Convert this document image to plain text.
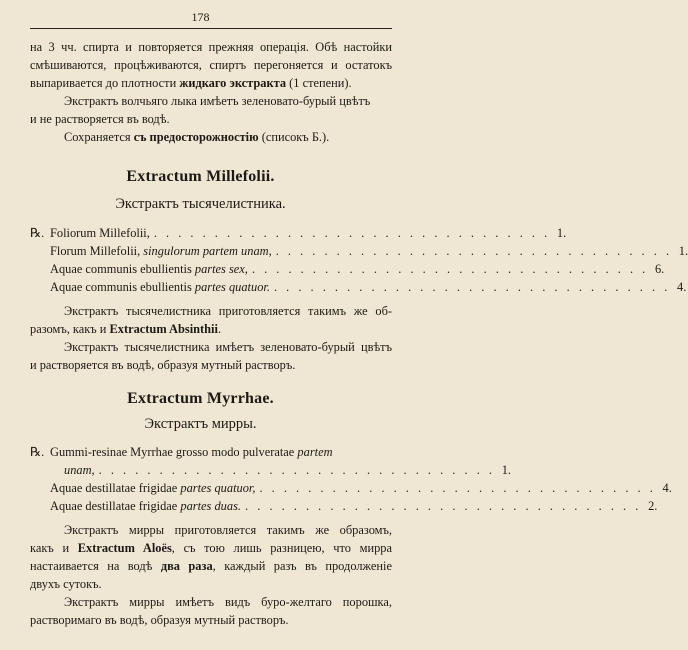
178
на 3 чч. спирта и повторяется прежняя операція. Обѣ настойки
смѣшиваются, процѣживаются, спиртъ перегоняется и остатокъ
выпаривается до плотности жидкаго экстракта (1 степени).
Экстрактъ волчьяго лыка имѣетъ зеленовато-бурый цвѣтъ
и не растворяется въ водѣ.
Сохраняется съ предосторожностію (списокъ Б.).
Extractum Millefolii.
Экстрактъ тысячелистника.
℞. Foliorum Millefolii, . . . . . . . . . . . . . . . . . . . . . . . . . . . . . . . . . 1.
Florum Millefolii, singulorum partem unam, . . . . . . . . . . . . . . . . . . . . . . . . . . . . . . . . . 1.
Aquae communis ebullientis partes sex, . . . . . . . . . . . . . . . . . . . . . . . . . . . . . . . . . 6.
Aquae communis ebullientis partes quatuor. . . . . . . . . . . . . . . . . . . . . . . . . . . . . . . . . . 4.
Экстрактъ тысячелистника приготовляется такимъ же об-
разомъ, какъ и Extractum Absinthii.
Экстрактъ тысячелистника имѣетъ зеленовато-бурый цвѣтъ
и растворяется въ водѣ, образуя мутный растворъ.
Extractum Myrrhae.
Экстрактъ мирры.
℞. Gummi-resinae Myrrhae grosso modo pulveratae partem
unam, . . . . . . . . . . . . . . . . . . . . . . . . . . . . . . . . . 1.
Aquae destillatae frigidae partes quatuor, . . . . . . . . . . . . . . . . . . . . . . . . . . . . . . . . . 4.
Aquae destillatae frigidae partes duas. . . . . . . . . . . . . . . . . . . . . . . . . . . . . . . . . . 2.
Экстрактъ мирры приготовляется такимъ же образомъ,
какъ и Extractum Aloës, съ тою лишь разницею, что мирра
настаивается на водѣ два раза, каждый разъ въ продолженіе
двухъ сутокъ.
Экстрактъ мирры имѣетъ видъ буро-желтаго порошка,
растворимаго въ водѣ, образуя мутный растворъ.
